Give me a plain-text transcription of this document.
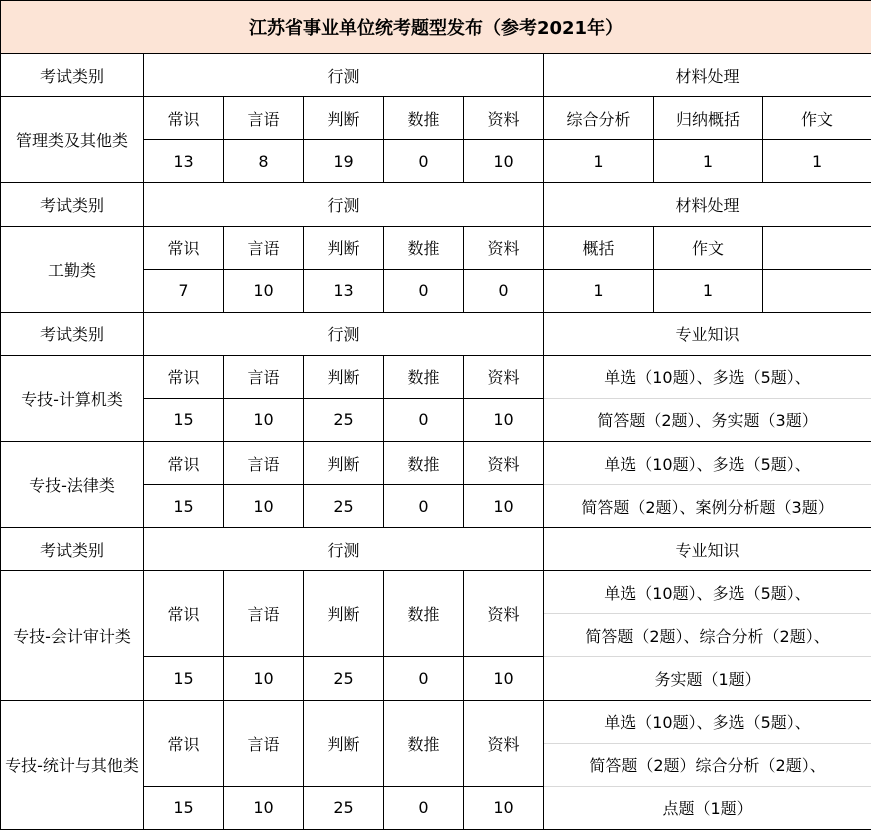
江苏省事业单位统考题型发布（参考2021年）								
考试类别	行测					材料处理		
管理类及其他类	常识	言语	判断	数推	资料	综合分析	归纳概括	作文
	13	8	19	0	10	1	1	1
考试类别	行测					材料处理		
工勤类	常识	言语	判断	数推	资料	概括	作文	
	7	10	13	0	0	1	1	
考试类别	行测					专业知识		
专技-计算机类	常识	言语	判断	数推	资料	单选（10题）、多选（5题）、		
	15	10	25	0	10	简答题（2题）、务实题（3题）		
专技-法律类	常识	言语	判断	数推	资料	单选（10题）、多选（5题）、		
	15	10	25	0	10	简答题（2题）、案例分析题（3题）		
考试类别	行测					专业知识		
专技-会计审计类	常识	言语	判断	数推	资料	单选（10题）、多选（5题）、		
						简答题（2题）、综合分析（2题）、		
	15	10	25	0	10	务实题（1题）		
专技-统计与其他类	常识	言语	判断	数推	资料	单选（10题）、多选（5题）、		
						简答题（2题）综合分析（2题）、		
	15	10	25	0	10	点题（1题）		
